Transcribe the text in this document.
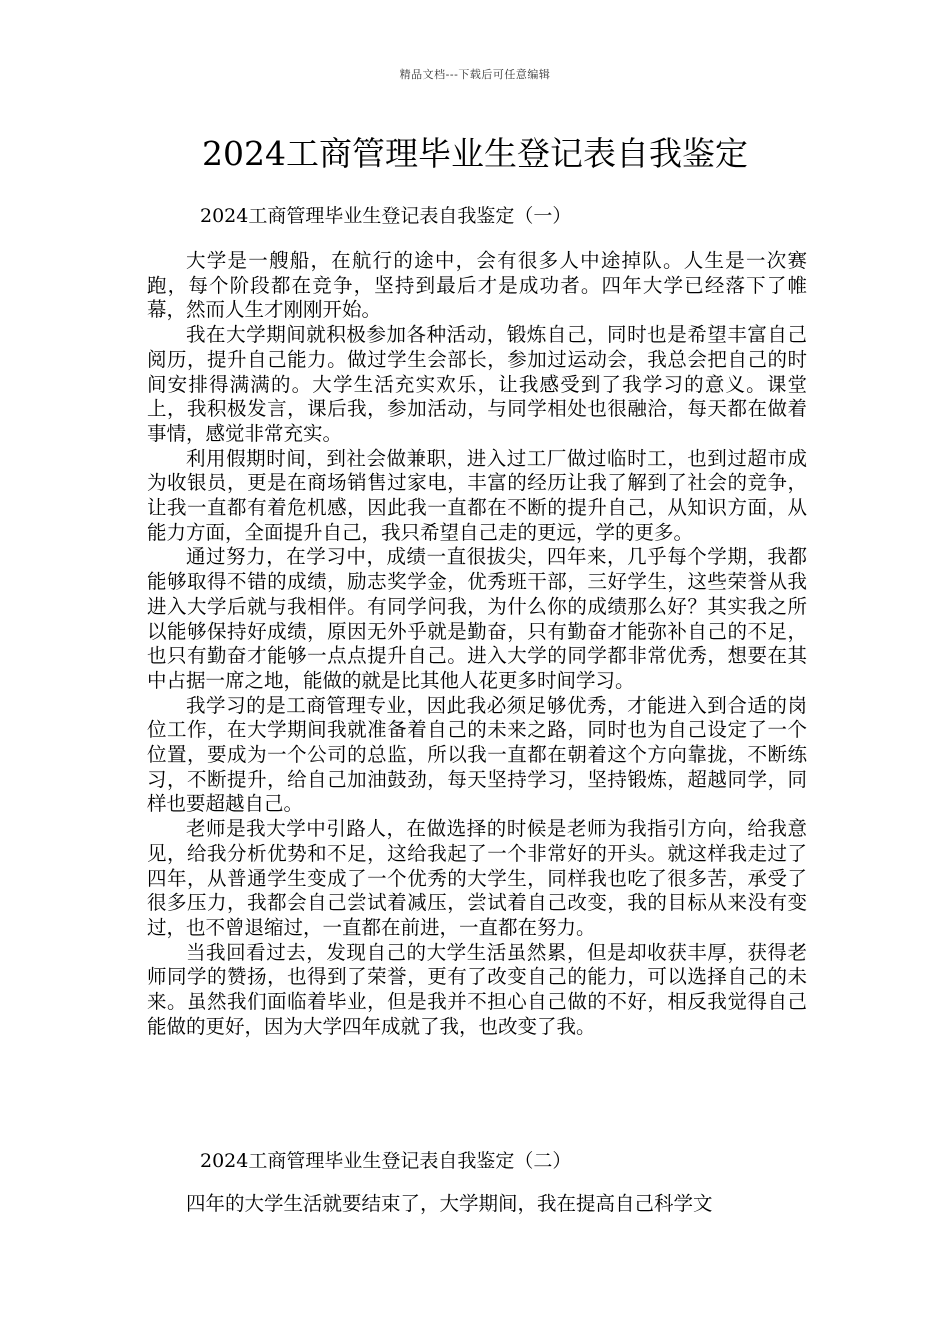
精品文档---下载后可任意编辑
2024工商管理毕业生登记表自我鉴定
2024工商管理毕业生登记表自我鉴定（一）

大学是一艘船，在航行的途中，会有很多人中途掉队。人生是一次赛跑，每个阶段都在竞争，坚持到最后才是成功者。四年大学已经落下了帷幕，然而人生才刚刚开始。

我在大学期间就积极参加各种活动，锻炼自己，同时也是希望丰富自己阅历，提升自己能力。做过学生会部长，参加过运动会，我总会把自己的时间安排得满满的。大学生活充实欢乐，让我感受到了我学习的意义。课堂上，我积极发言，课后我，参加活动，与同学相处也很融洽，每天都在做着事情，感觉非常充实。

利用假期时间，到社会做兼职，进入过工厂做过临时工，也到过超市成为收银员，更是在商场销售过家电，丰富的经历让我了解到了社会的竞争，让我一直都有着危机感，因此我一直都在不断的提升自己，从知识方面，从能力方面，全面提升自己，我只希望自己走的更远，学的更多。

通过努力，在学习中，成绩一直很拔尖，四年来，几乎每个学期，我都能够取得不错的成绩，励志奖学金，优秀班干部，三好学生，这些荣誉从我进入大学后就与我相伴。有同学问我，为什么你的成绩那么好？其实我之所以能够保持好成绩，原因无外乎就是勤奋，只有勤奋才能弥补自己的不足，也只有勤奋才能够一点点提升自己。进入大学的同学都非常优秀，想要在其中占据一席之地，能做的就是比其他人花更多时间学习。

我学习的是工商管理专业，因此我必须足够优秀，才能进入到合适的岗位工作，在大学期间我就准备着自己的未来之路，同时也为自己设定了一个位置，要成为一个公司的总监，所以我一直都在朝着这个方向靠拢，不断练习，不断提升，给自己加油鼓劲，每天坚持学习，坚持锻炼，超越同学，同样也要超越自己。

老师是我大学中引路人，在做选择的时候是老师为我指引方向，给我意见，给我分析优势和不足，这给我起了一个非常好的开头。就这样我走过了四年，从普通学生变成了一个优秀的大学生，同样我也吃了很多苦，承受了很多压力，我都会自己尝试着减压，尝试着自己改变，我的目标从来没有变过，也不曾退缩过，一直都在前进，一直都在努力。

当我回看过去，发现自己的大学生活虽然累，但是却收获丰厚，获得老师同学的赞扬，也得到了荣誉，更有了改变自己的能力，可以选择自己的未来。虽然我们面临着毕业，但是我并不担心自己做的不好，相反我觉得自己能做的更好，因为大学四年成就了我，也改变了我。

2024工商管理毕业生登记表自我鉴定（二）

四年的大学生活就要结束了，大学期间，我在提高自己科学文
